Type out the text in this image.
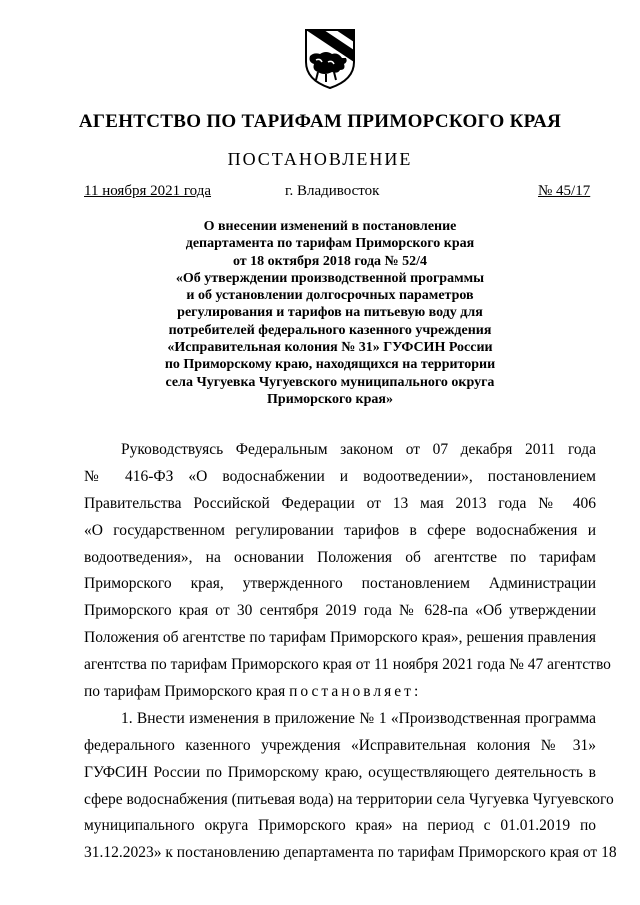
АГЕНТСТВО ПО ТАРИФАМ ПРИМОРСКОГО КРАЯ
ПОСТАНОВЛЕНИЕ
11 ноября 2021 года	г. Владивосток	№ 45/17
О внесении изменений в постановление
департамента по тарифам Приморского края
от 18 октября 2018 года № 52/4
«Об утверждении производственной программы
и об установлении долгосрочных параметров
регулирования и тарифов на питьевую воду для
потребителей федерального казенного учреждения
«Исправительная колония № 31» ГУФСИН России
по Приморскому краю, находящихся на территории
села Чугуевка Чугуевского муниципального округа
Приморского края»
Руководствуясь Федеральным законом от 07 декабря 2011 года
№ 416-ФЗ «О водоснабжении и водоотведении», постановлением
Правительства Российской Федерации от 13 мая 2013 года № 406
«О государственном регулировании тарифов в сфере водоснабжения и
водоотведения», на основании Положения об агентстве по тарифам
Приморского края, утвержденного постановлением Администрации
Приморского края от 30 сентября 2019 года № 628-па «Об утверждении
Положения об агентстве по тарифам Приморского края», решения правления
агентства по тарифам Приморского края от 11 ноября 2021 года № 47 агентство
по тарифам Приморского края постановляет:
1. Внести изменения в приложение № 1 «Производственная программа
федерального казенного учреждения «Исправительная колония № 31»
ГУФСИН России по Приморскому краю, осуществляющего деятельность в
сфере водоснабжения (питьевая вода) на территории села Чугуевка Чугуевского
муниципального округа Приморского края» на период с 01.01.2019 по
31.12.2023» к постановлению департамента по тарифам Приморского края от 18
